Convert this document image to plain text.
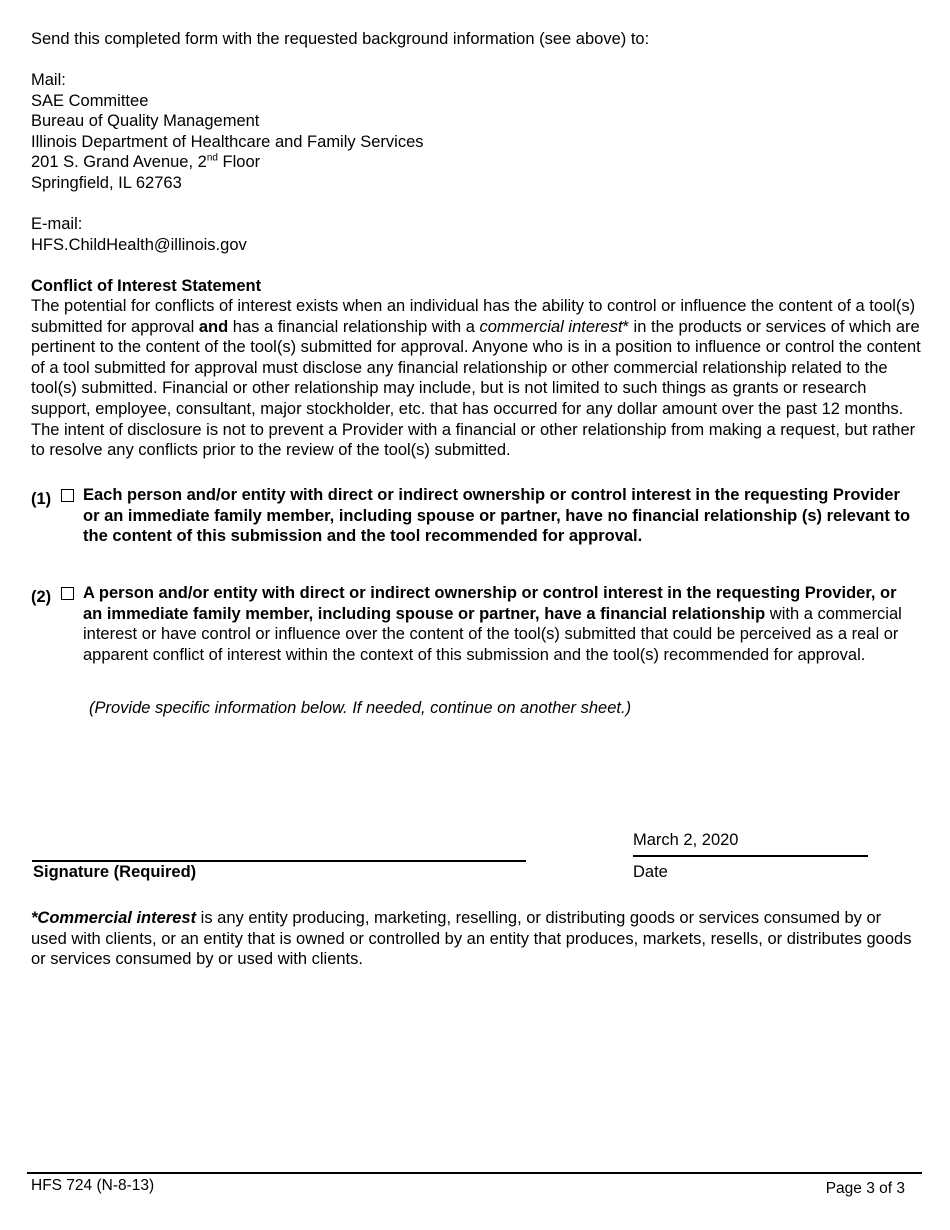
Send this completed form with the requested background information (see above) to:
Mail:
SAE Committee
Bureau of Quality Management
Illinois Department of Healthcare and Family Services
201 S. Grand Avenue, 2nd Floor
Springfield, IL 62763
E-mail:
HFS.ChildHealth@illinois.gov
Conflict of Interest Statement

The potential for conflicts of interest exists when an individual has the ability to control or influence the content of a tool(s) submitted for approval and has a financial relationship with a commercial interest* in the products or services of which are pertinent to the content of the tool(s) submitted for approval. Anyone who is in a position to influence or control the content of a tool submitted for approval must disclose any financial relationship or other commercial relationship related to the tool(s) submitted. Financial or other relationship may include, but is not limited to such things as grants or research support, employee, consultant, major stockholder, etc. that has occurred for any dollar amount over the past 12 months. The intent of disclosure is not to prevent a Provider with a financial or other relationship from making a request, but rather to resolve any conflicts prior to the review of the tool(s) submitted.

(1) Each person and/or entity with direct or indirect ownership or control interest in the requesting Provider or an immediate family member, including spouse or partner, have no financial relationship (s) relevant to the content of this submission and the tool recommended for approval.
(2) A person and/or entity with direct or indirect ownership or control interest in the requesting Provider, or an immediate family member, including spouse or partner, have a financial relationship with a commercial interest or have control or influence over the content of the tool(s) submitted that could be perceived as a real or apparent conflict of interest within the context of this submission and the tool(s) recommended for approval.
(Provide specific information below. If needed, continue on another sheet.)
March 2, 2020
Signature (Required)	Date

*Commercial interest is any entity producing, marketing, reselling, or distributing goods or services consumed by or used with clients, or an entity that is owned or controlled by an entity that produces, markets, resells, or distributes goods or services consumed by or used with clients.

HFS 724 (N-8-13)	Page 3 of 3
